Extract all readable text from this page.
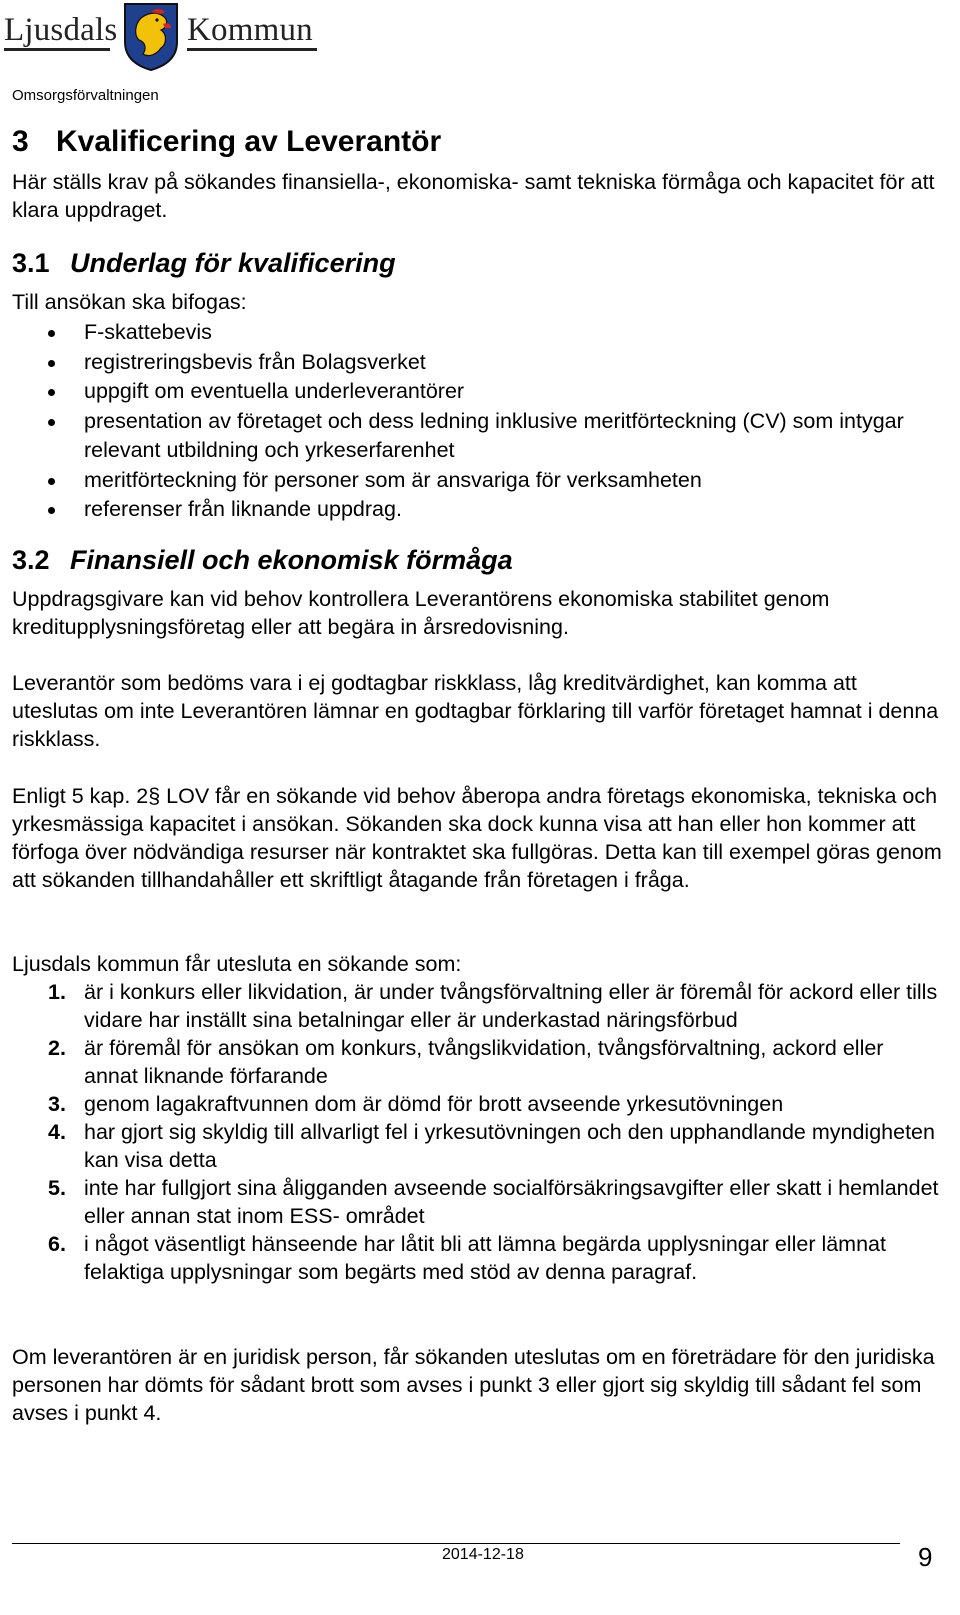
Ljusdals Kommun
Omsorgsförvaltningen
3 Kvalificering av Leverantör

Här ställs krav på sökandes finansiella-, ekonomiska- samt tekniska förmåga och kapacitet för att klara uppdraget.

3.1 Underlag för kvalificering

Till ansökan ska bifogas:

F-skattebevis
registreringsbevis från Bolagsverket
uppgift om eventuella underleverantörer
presentation av företaget och dess ledning inklusive meritförteckning (CV) som intygar relevant utbildning och yrkeserfarenhet
meritförteckning för personer som är ansvariga för verksamheten
referenser från liknande uppdrag.
3.2 Finansiell och ekonomisk förmåga

Uppdragsgivare kan vid behov kontrollera Leverantörens ekonomiska stabilitet genom kreditupplysningsföretag eller att begära in årsredovisning.

Leverantör som bedöms vara i ej godtagbar riskklass, låg kreditvärdighet, kan komma att uteslutas om inte Leverantören lämnar en godtagbar förklaring till varför företaget hamnat i denna riskklass.

Enligt 5 kap. 2§ LOV får en sökande vid behov åberopa andra företags ekonomiska, tekniska och yrkesmässiga kapacitet i ansökan. Sökanden ska dock kunna visa att han eller hon kommer att förfoga över nödvändiga resurser när kontraktet ska fullgöras. Detta kan till exempel göras genom att sökanden tillhandahåller ett skriftligt åtagande från företagen i fråga.

Ljusdals kommun får utesluta en sökande som:

1. är i konkurs eller likvidation, är under tvångsförvaltning eller är föremål för ackord eller tills vidare har inställt sina betalningar eller är underkastad näringsförbud
2. är föremål för ansökan om konkurs, tvångslikvidation, tvångsförvaltning, ackord eller annat liknande förfarande
3. genom lagakraftvunnen dom är dömd för brott avseende yrkesutövningen
4. har gjort sig skyldig till allvarligt fel i yrkesutövningen och den upphandlande myndigheten kan visa detta
5. inte har fullgjort sina åligganden avseende socialförsäkringsavgifter eller skatt i hemlandet eller annan stat inom ESS- området
6. i något väsentligt hänseende har låtit bli att lämna begärda upplysningar eller lämnat felaktiga upplysningar som begärts med stöd av denna paragraf.

Om leverantören är en juridisk person, får sökanden uteslutas om en företrädare för den juridiska personen har dömts för sådant brott som avses i punkt 3 eller gjort sig skyldig till sådant fel som avses i punkt 4.

2014-12-18	9
